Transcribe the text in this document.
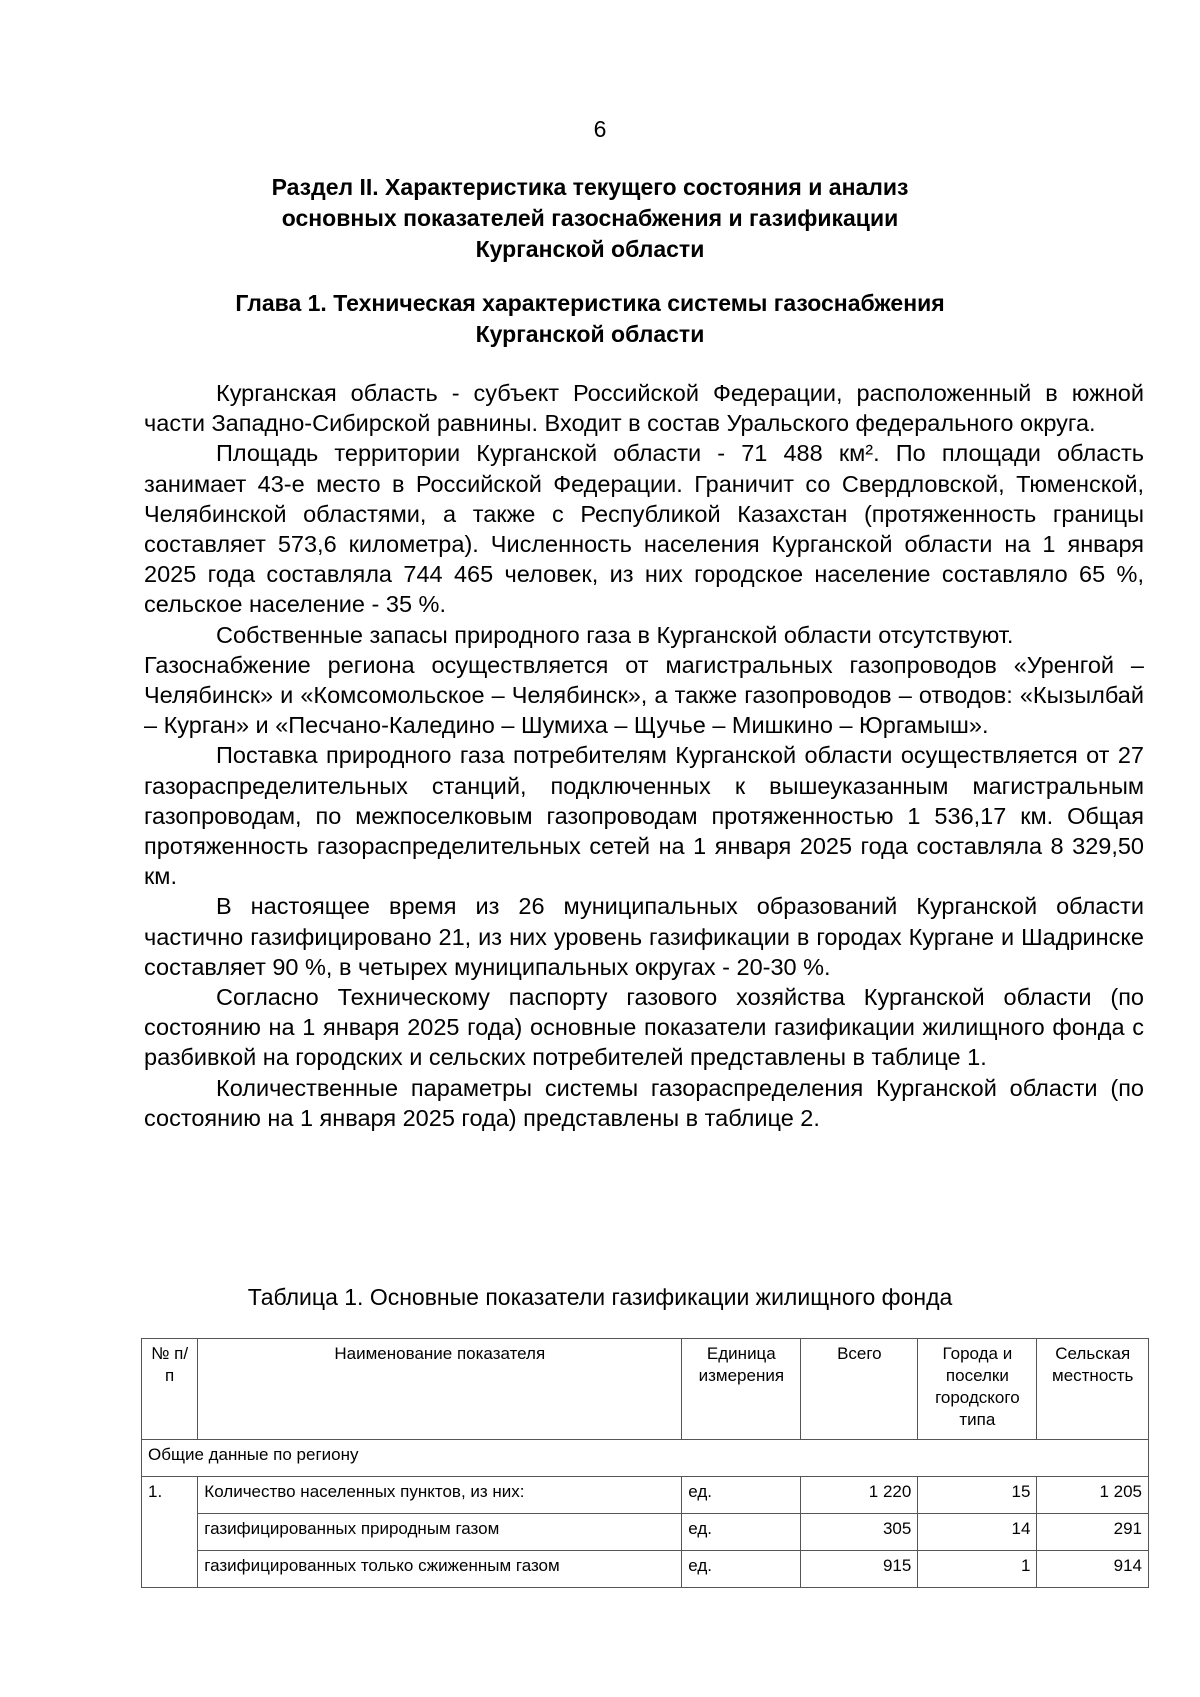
6
Раздел II. Характеристика текущего состояния и анализ
основных показателей газоснабжения и газификации
Курганской области
Глава 1. Техническая характеристика системы газоснабжения
Курганской области

Курганская область - субъект Российской Федерации, расположенный в южной части Западно-Сибирской равнины. Входит в состав Уральского федерального округа.

Площадь территории Курганской области - 71 488 км². По площади область занимает 43-е место в Российской Федерации. Граничит со Свердловской, Тюменской, Челябинской областями, а также с Республикой Казахстан (протяженность границы составляет 573,6 километра). Численность населения Курганской области на 1 января 2025 года составляла 744 465 человек, из них городское население составляло 65 %, сельское население - 35 %.

Собственные запасы природного газа в Курганской области отсутствуют.

Газоснабжение региона осуществляется от магистральных газопроводов «Уренгой – Челябинск» и «Комсомольское – Челябинск», а также газопроводов – отводов: «Кызылбай – Курган» и «Песчано-Каледино – Шумиха – Щучье – Мишкино – Юргамыш».

Поставка природного газа потребителям Курганской области осуществляется от 27 газораспределительных станций, подключенных к вышеуказанным магистральным газопроводам, по межпоселковым газопроводам протяженностью 1 536,17 км. Общая протяженность газораспределительных сетей на 1 января 2025 года составляла 8 329,50 км.

В настоящее время из 26 муниципальных образований Курганской области частично газифицировано 21, из них уровень газификации в городах Кургане и Шадринске составляет 90 %, в четырех муниципальных округах - 20-30 %.

Согласно Техническому паспорту газового хозяйства Курганской области (по состоянию на 1 января 2025 года) основные показатели газификации жилищного фонда с разбивкой на городских и сельских потребителей представлены в таблице 1.

Количественные параметры системы газораспределения Курганской области (по состоянию на 1 января 2025 года) представлены в таблице 2.

Таблица 1. Основные показатели газификации жилищного фонда
№ п/п	Наименование показателя	Единица измерения	Всего	Города и поселки городского типа	Сельская местность
Общие данные по региону					
1.	Количество населенных пунктов, из них:	ед.	1 220	15	1 205
	газифицированных природным газом	ед.	305	14	291
	газифицированных только сжиженным газом	ед.	915	1	914
